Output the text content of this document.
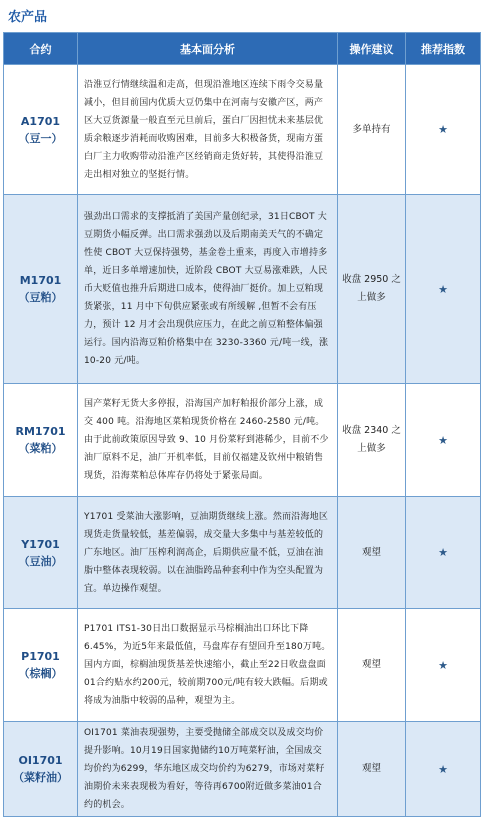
农产品
合约	基本面分析	操作建议	推荐指数
A1701
（豆一）	沿淮豆行情继续温和走高，但现沿淮地区连续下雨令交易量减小，但目前国内优质大豆仍集中在河南与安徽产区，两产区大豆货源量一般直至元旦前后，蛋白厂因担忧未来基层优质余粮逐步消耗而收购困难，目前多大积极备货，现南方蛋白厂主力收购带动沿淮产区经销商走货好转，其使得沿淮豆走出相对独立的坚挺行情。	多单持有	★
M1701
（豆粕）	强劲出口需求的支撑抵消了美国产量创纪录，31日CBOT 大豆期货小幅反弹。出口需求强劲以及后期南美天气的不确定性使 CBOT 大豆保持强势，基金卷土重来，再度入市增持多单，近日多单增速加快，近阶段 CBOT 大豆易涨难跌，人民币大贬值也推升后期进口成本，使得油厂挺价。加上豆粕现货紧张，11 月中下旬供应紧张或有所缓解 ,但暂不会有压力，预计 12 月才会出现供应压力，在此之前豆粕整体偏强运行。国内沿海豆粕价格集中在 3230-3360 元/吨一线，涨 10-20 元/吨。	收盘 2950 之上做多	★
RM1701
（菜粕）	国产菜籽无货大多停报，沿海国产加籽粕报价部分上涨，成交 400 吨。沿海地区菜粕现货价格在 2460-2580 元/吨。由于此前政策原因导致 9、10 月份菜籽到港稀少，目前不少油厂原料不足，油厂开机率低，目前仅福建及钦州中粮销售现货，沿海菜粕总体库存仍将处于紧张局面。	收盘 2340 之上做多	★
Y1701
（豆油）	Y1701 受菜油大涨影响，豆油期货继续上涨。然而沿海地区现货走货量较低，基差偏弱，成交量大多集中与基差较低的广东地区。油厂压榨利润高企，后期供应量不低，豆油在油脂中整体表现较弱。以在油脂跨品种套利中作为空头配置为宜。单边操作观望。	观望	★
P1701
（棕榈）	P1701 ITS1-30日出口数据显示马棕榈油出口环比下降6.45%，为近5年来最低值，马盘库存有望回升至180万吨。国内方面，棕榈油现货基差快速缩小，截止至22日收盘盘面01合约贴水约200元，较前期700元/吨有较大跌幅。后期或将成为油脂中较弱的品种，观望为主。	观望	★
OI1701
（菜籽油）	OI1701 菜油表现强势，主要受抛储全部成交以及成交均价提升影响。10月19日国家抛储约10万吨菜籽油，全国成交均价约为6299，华东地区成交均价约为6279，市场对菜籽油期价未来表现极为看好，等待再6700附近做多菜油01合约的机会。	观望	★
